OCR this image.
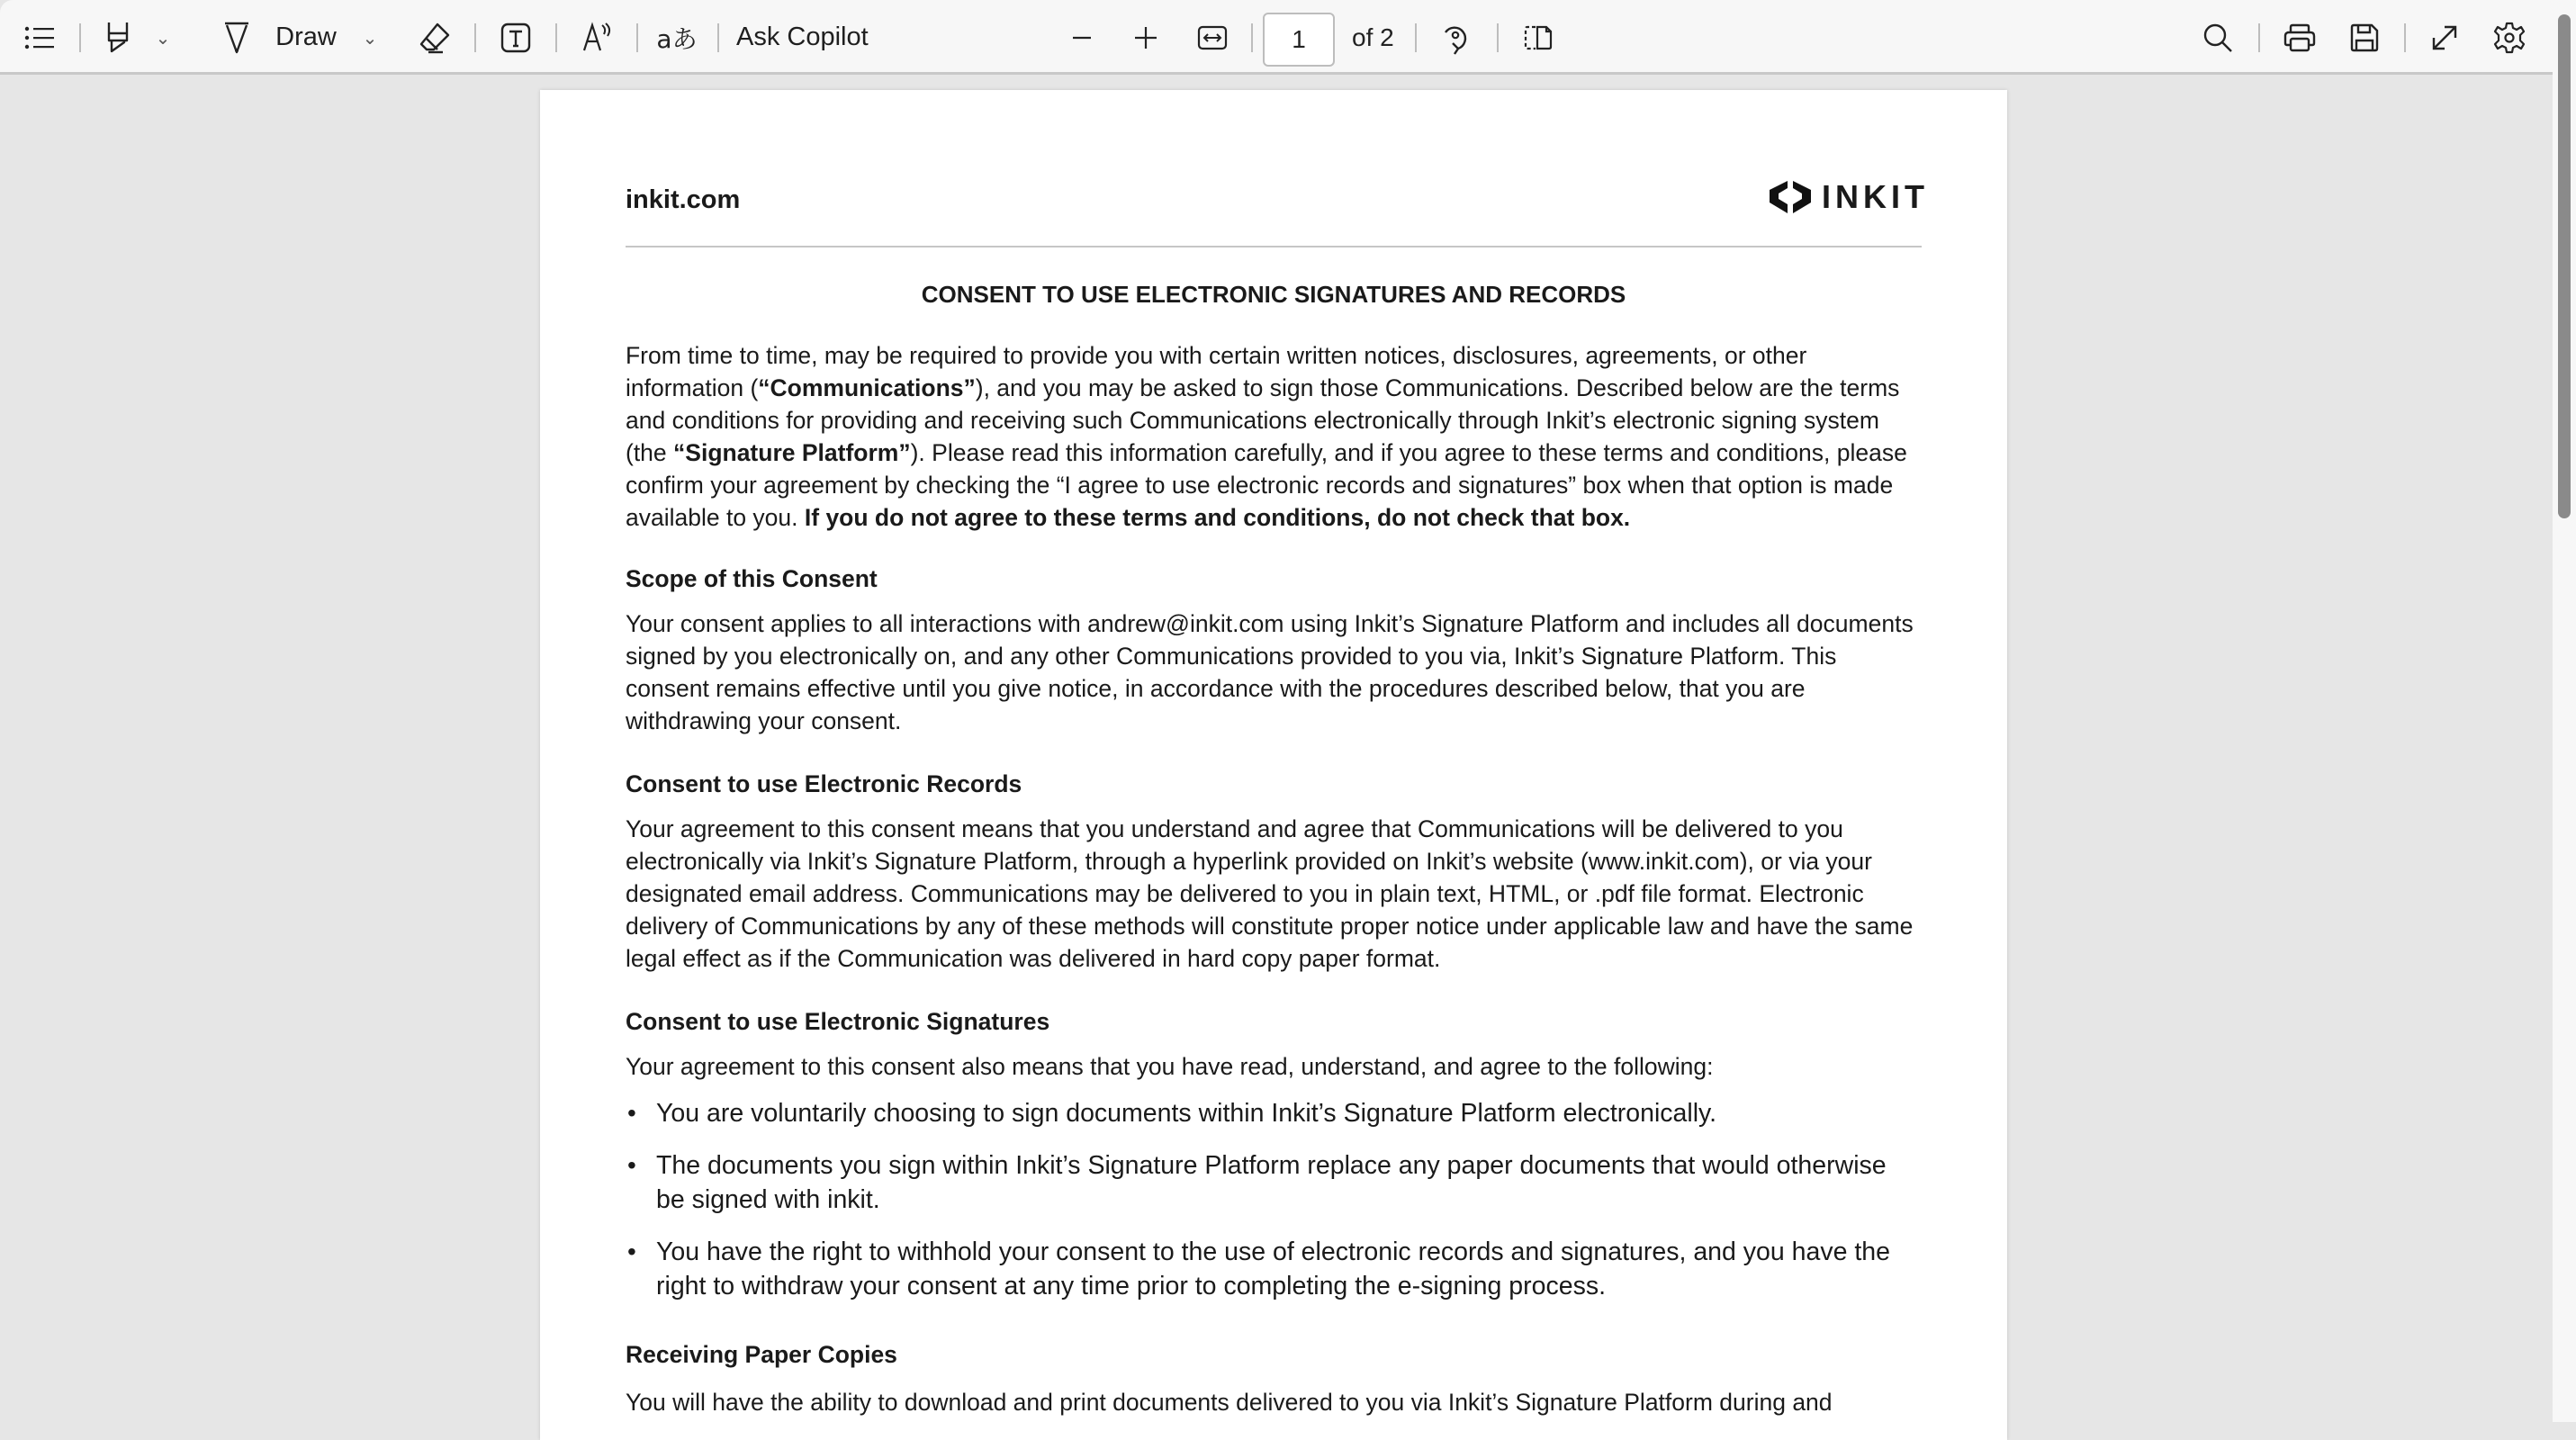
⌄	Draw ⌄	aあ Ask Copilot
1	of 2
inkit.com	INKIT
CONSENT TO USE ELECTRONIC SIGNATURES AND RECORDS

From time to time, may be required to provide you with certain written notices, disclosures, agreements, or other information (“Communications”), and you may be asked to sign those Communications. Described below are the terms and conditions for providing and receiving such Communications electronically through Inkit’s electronic signing system (the “Signature Platform”). Please read this information carefully, and if you agree to these terms and conditions, please confirm your agreement by checking the “I agree to use electronic records and signatures” box when that option is made available to you. If you do not agree to these terms and conditions, do not check that box.

Scope of this Consent

Your consent applies to all interactions with andrew@inkit.com using Inkit’s Signature Platform and includes all documents signed by you electronically on, and any other Communications provided to you via, Inkit’s Signature Platform. This consent remains effective until you give notice, in accordance with the procedures described below, that you are withdrawing your consent.

Consent to use Electronic Records

Your agreement to this consent means that you understand and agree that Communications will be delivered to you electronically via Inkit’s Signature Platform, through a hyperlink provided on Inkit’s website (www.inkit.com), or via your designated email address. Communications may be delivered to you in plain text, HTML, or .pdf file format. Electronic delivery of Communications by any of these methods will constitute proper notice under applicable law and have the same legal effect as if the Communication was delivered in hard copy paper format.

Consent to use Electronic Signatures

Your agreement to this consent also means that you have read, understand, and agree to the following:

• You are voluntarily choosing to sign documents within Inkit’s Signature Platform electronically.
• The documents you sign within Inkit’s Signature Platform replace any paper documents that would otherwise be signed with inkit.
• You have the right to withhold your consent to the use of electronic records and signatures, and you have the right to withdraw your consent at any time prior to completing the e-signing process.
Receiving Paper Copies

You will have the ability to download and print documents delivered to you via Inkit’s Signature Platform during and
